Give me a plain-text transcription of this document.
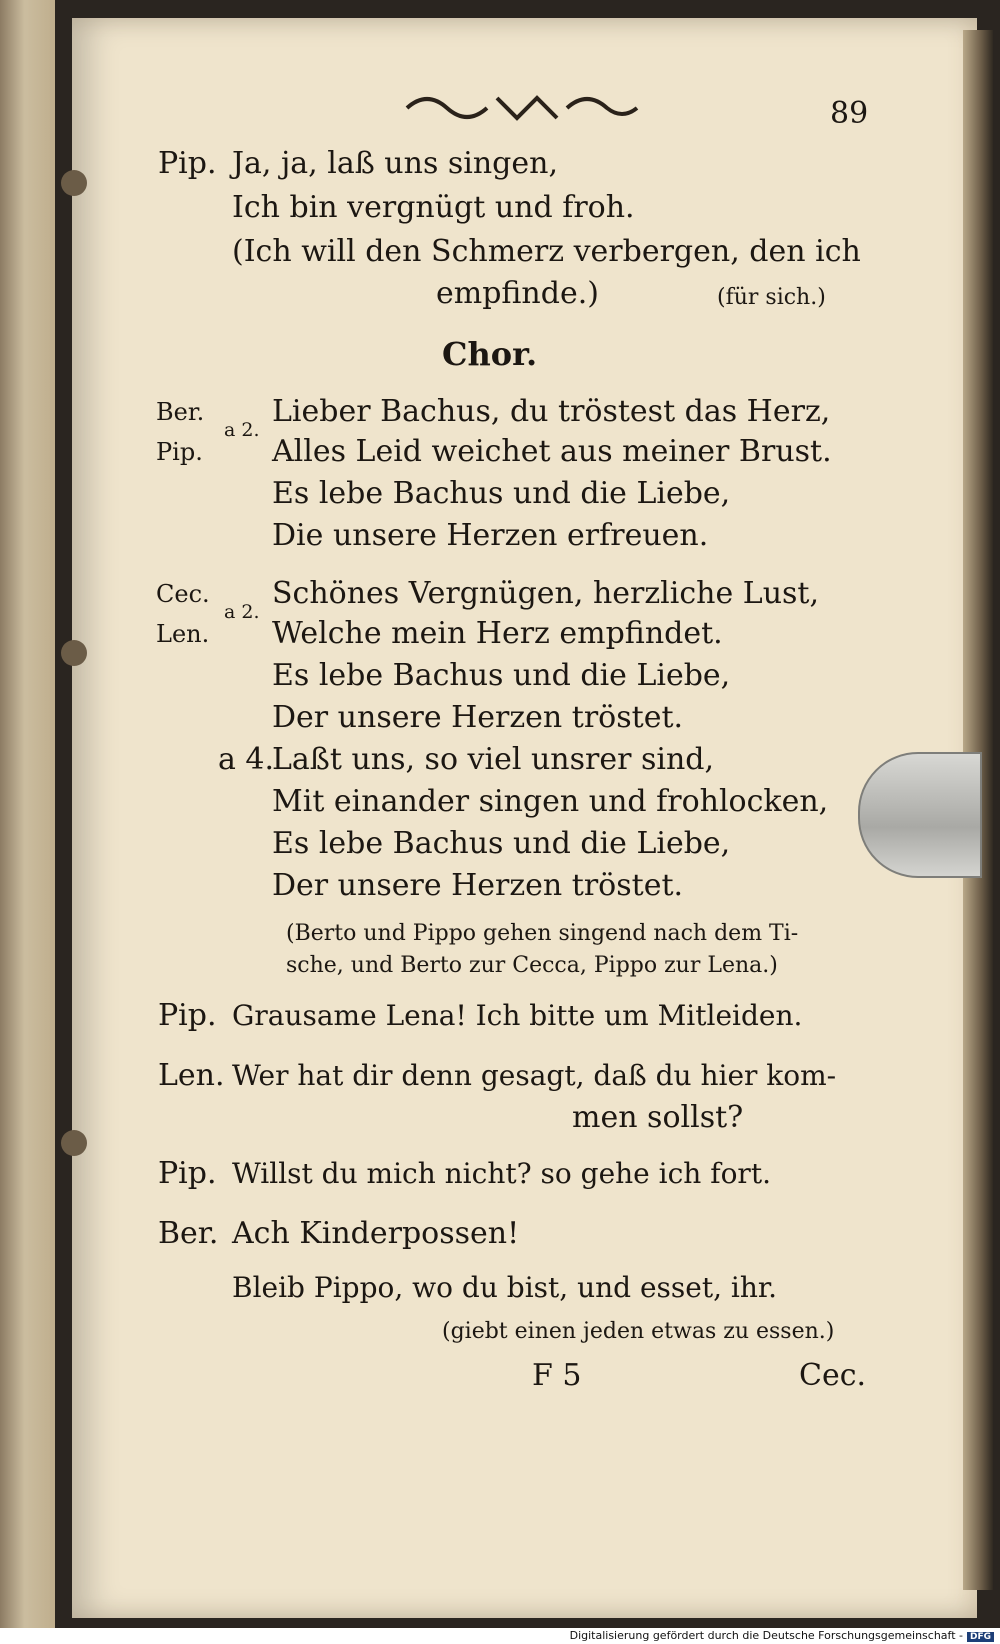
89
Pip. Ja, ja, laß uns singen,
Ich bin vergnügt und froh.
(Ich will den Schmerz verbergen, den ich
empfinde.)	(für sich.)
Chor.
Ber.
Pip.
a 2.
Lieber Bachus, du tröstest das Herz,
Alles Leid weichet aus meiner Brust.
Es lebe Bachus und die Liebe,
Die unsere Herzen erfreuen.
Cec.
Len.
a 2.
Schönes Vergnügen, herzliche Lust,
Welche mein Herz empfindet.
Es lebe Bachus und die Liebe,
Der unsere Herzen tröstet.
a 4.
Laßt uns, so viel unsrer sind,
Mit einander singen und frohlocken,
Es lebe Bachus und die Liebe,
Der unsere Herzen tröstet.
(Berto und Pippo gehen singend nach dem Ti-
sche, und Berto zur Cecca, Pippo zur Lena.)
Pip. Grausame Lena! Ich bitte um Mitleiden.
Len. Wer hat dir denn gesagt, daß du hier kom-
men sollst?
Pip. Willst du mich nicht? so gehe ich fort.
Ber. Ach Kinderpossen!
Bleib Pippo, wo du bist, und esset, ihr.
(giebt einen jeden etwas zu essen.)
F 5	Cec.
Digitalisierung gefördert durch die Deutsche Forschungsgemeinschaft - DFG
